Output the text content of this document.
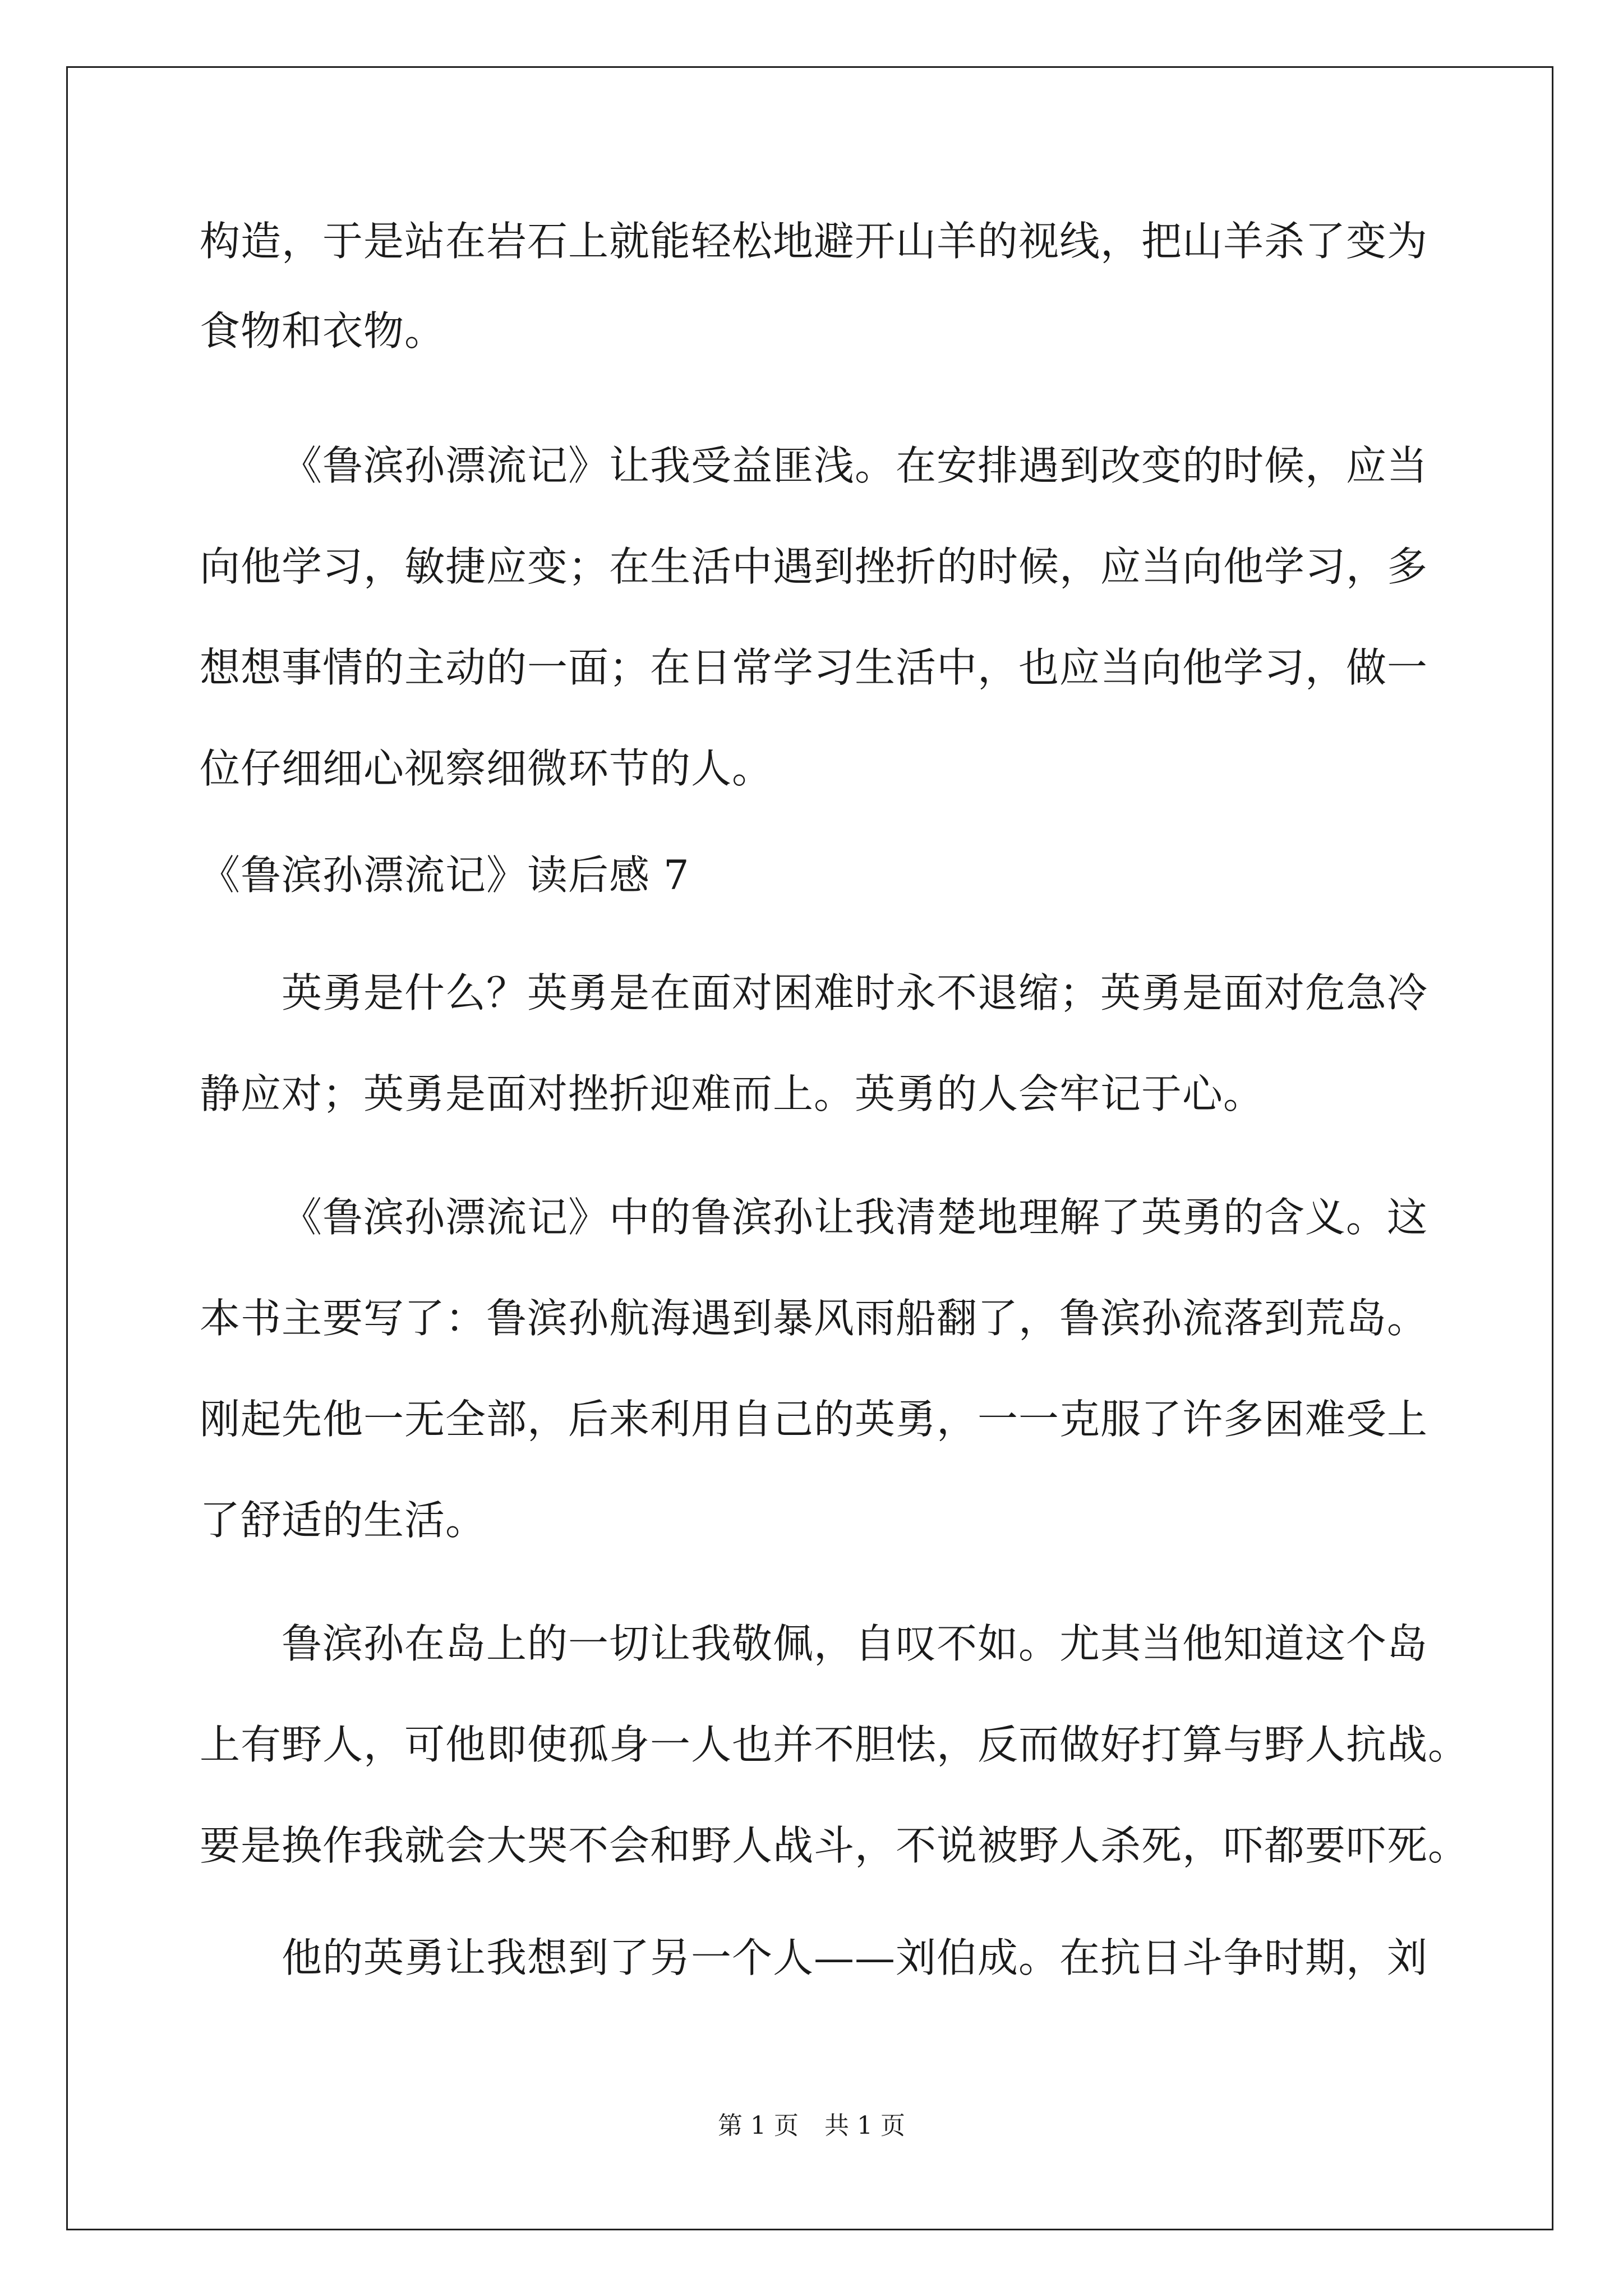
构造，于是站在岩石上就能轻松地避开山羊的视线，把山羊杀了变为
食物和衣物。
《鲁滨孙漂流记》让我受益匪浅。在安排遇到改变的时候，应当
向他学习，敏捷应变；在生活中遇到挫折的时候，应当向他学习，多
想想事情的主动的一面；在日常学习生活中，也应当向他学习，做一
位仔细细心视察细微环节的人。
《鲁滨孙漂流记》读后感 7
英勇是什么？英勇是在面对困难时永不退缩；英勇是面对危急冷
静应对；英勇是面对挫折迎难而上。英勇的人会牢记于心。
《鲁滨孙漂流记》中的鲁滨孙让我清楚地理解了英勇的含义。这
本书主要写了：鲁滨孙航海遇到暴风雨船翻了，鲁滨孙流落到荒岛。
刚起先他一无全部，后来利用自己的英勇，一一克服了许多困难受上
了舒适的生活。
鲁滨孙在岛上的一切让我敬佩，自叹不如。尤其当他知道这个岛
上有野人，可他即使孤身一人也并不胆怯，反而做好打算与野人抗战。
要是换作我就会大哭不会和野人战斗，不说被野人杀死，吓都要吓死。
他的英勇让我想到了另一个人——刘伯成。在抗日斗争时期，刘
第 1 页 共 1 页
